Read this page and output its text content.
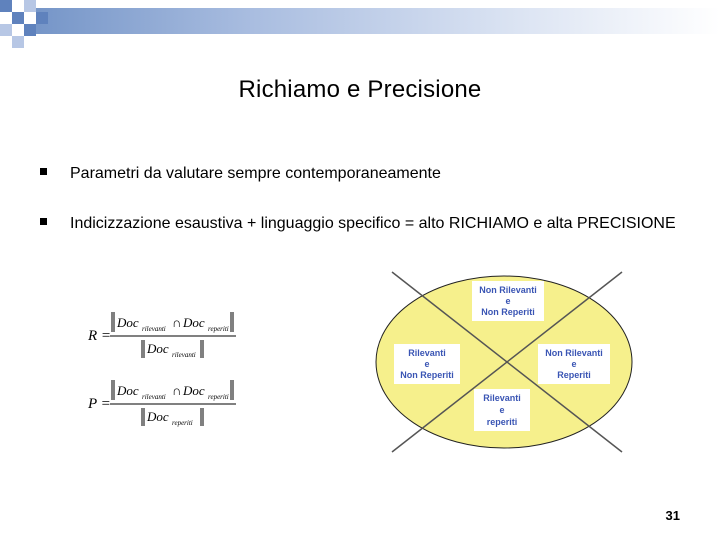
Richiamo e Precisione
Parametri da valutare sempre contemporaneamente
Indicizzazione esaustiva + linguaggio specifico = alto RICHIAMO e alta PRECISIONE
R =
Doc rilevanti ∩ Doc reperiti
Doc rilevanti
P =
Doc rilevanti ∩ Doc reperiti
Doc reperiti
Non Rilevanti
e
Non Reperiti
Rilevanti
e
Non Reperiti
Non Rilevanti
e
Reperiti
Rilevanti
e
reperiti
31
